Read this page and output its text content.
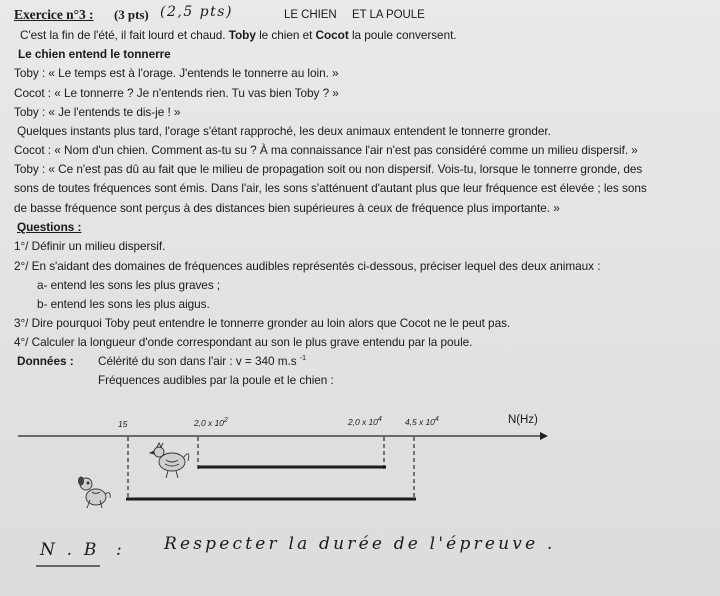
Exercice n°3 : (3 pts) (2,5 pts)	LE CHIEN ET LA POULE
C'est la fin de l'été, il fait lourd et chaud. Toby le chien et Cocot la poule conversent.
Le chien entend le tonnerre
Toby : « Le temps est à l'orage. J'entends le tonnerre au loin. »
Cocot : « Le tonnerre ? Je n'entends rien. Tu vas bien Toby ? »
Toby : « Je l'entends te dis-je ! »
Quelques instants plus tard, l'orage s'étant rapproché, les deux animaux entendent le tonnerre gronder.
Cocot : « Nom d'un chien. Comment as-tu su ? À ma connaissance l'air n'est pas considéré comme un milieu dispersif. »
Toby : « Ce n'est pas dû au fait que le milieu de propagation soit ou non dispersif. Vois-tu, lorsque le tonnerre gronde, des
sons de toutes fréquences sont émis. Dans l'air, les sons s'atténuent d'autant plus que leur fréquence est élevée ; les sons
de basse fréquence sont perçus à des distances bien supérieures à ceux de fréquence plus importante. »
Questions :
1°/ Définir un milieu dispersif.
2°/ En s'aidant des domaines de fréquences audibles représentés ci-dessous, préciser lequel des deux animaux :
a- entend les sons les plus graves ;
b- entend les sons les plus aigus.
3°/ Dire pourquoi Toby peut entendre le tonnerre gronder au loin alors que Cocot ne le peut pas.
4°/ Calculer la longueur d'onde correspondant au son le plus grave entendu par la poule.
Données : Célérité du son dans l'air : v = 340 m.s $^{-1}$
Fréquences audibles par la poule et le chien :
15	2,0 x $10^2$	2,0 x $10^4$	4,5 x $10^4$	N(Hz)
N . B : Respecter la durée de l'épreuve .
